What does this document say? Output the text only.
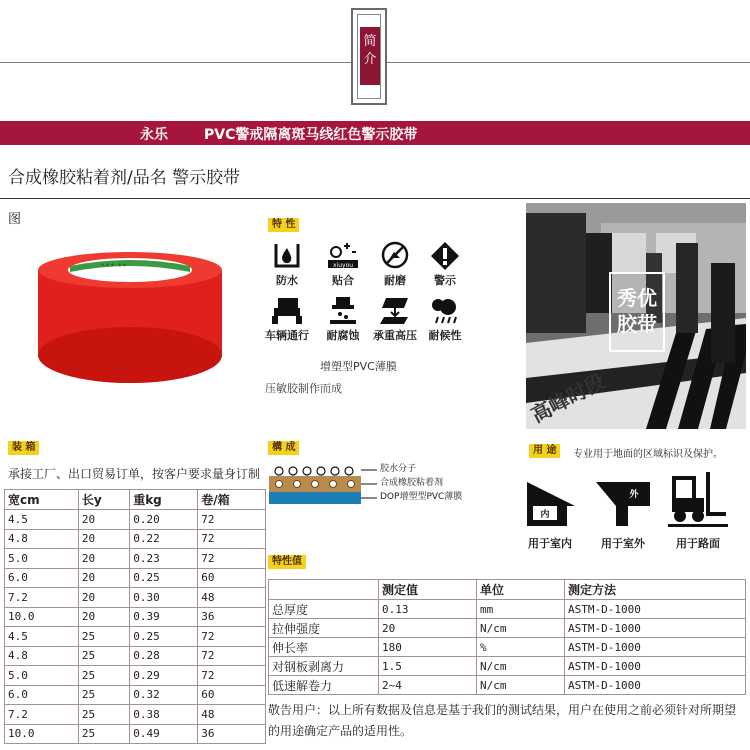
简
介
永乐	PVC警戒隔离斑马线红色警示胶带
合成橡胶粘着剂/品名 警示胶带
图
✦✦✦ ✦✦
特 性
防水
xiuyou
贴合	耐磨	警示
车辆通行	耐腐蚀	承重高压	耐候性
增塑型PVC薄膜
压敏胶制作而成
秀优
胶带
高峰时段
装 箱
承接工厂、出口贸易订单，按客户要求量身订制
宽cm	长y	重kg	卷/箱
4.5	20	0.20	72
4.8	20	0.22	72
5.0	20	0.23	72
6.0	20	0.25	60
7.2	20	0.30	48
10.0	20	0.39	36
4.5	25	0.25	72
4.8	25	0.28	72
5.0	25	0.29	72
6.0	25	0.32	60
7.2	25	0.38	48
10.0	25	0.49	36
構 成
胶水分子
合成橡胶粘着剂
DOP增塑型PVC薄膜
用 途	专业用于地面的区域标识及保护。
内
用于室内
外
用于室外	用于路面
特性值
	测定值	单位	测定方法
总厚度	0.13	mm	ASTM-D-1000
拉伸强度	20	N/cm	ASTM-D-1000
伸长率	180	%	ASTM-D-1000
对钢板剥离力	1.5	N/cm	ASTM-D-1000
低速解卷力	2~4	N/cm	ASTM-D-1000
敬告用户：以上所有数据及信息是基于我们的测试结果，用户在使用之前必须针对所期望的用途确定产品的适用性。
